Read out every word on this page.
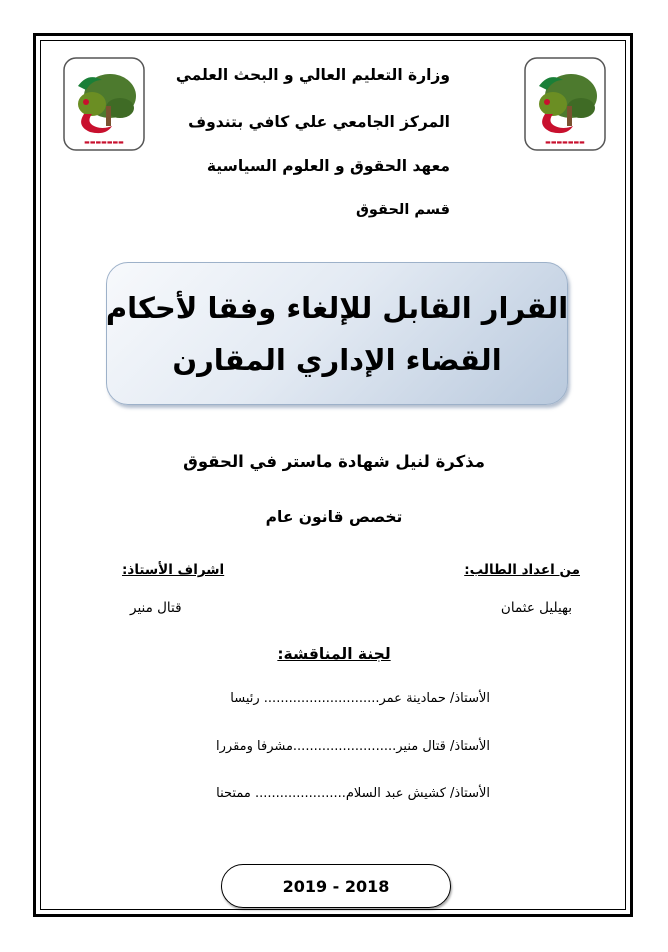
▬▬▬▬▬▬▬	▬▬▬▬▬▬▬
وزارة التعليم العالي و البحث العلمي
المركز الجامعي علي كافي بتندوف
معهد الحقوق و العلوم السياسية
قسم الحقوق
القرار القابل للإلغاء وفقا لأحكام
القضاء الإداري المقارن
مذكرة لنيل شهادة ماستر في الحقوق
تخصص قانون عام
من اعداد الطالب:
اشراف الأستاذ:
بهيليل عثمان
قتال منير
لجنة المناقشة:
الأستاذ/ حمادينة عمر............................ رئيسا
الأستاذ/ قتال منير.........................مشرفا ومقررا
الأستاذ/ كشيش عبد السلام...................... ممتحنا
2019 - 2018
